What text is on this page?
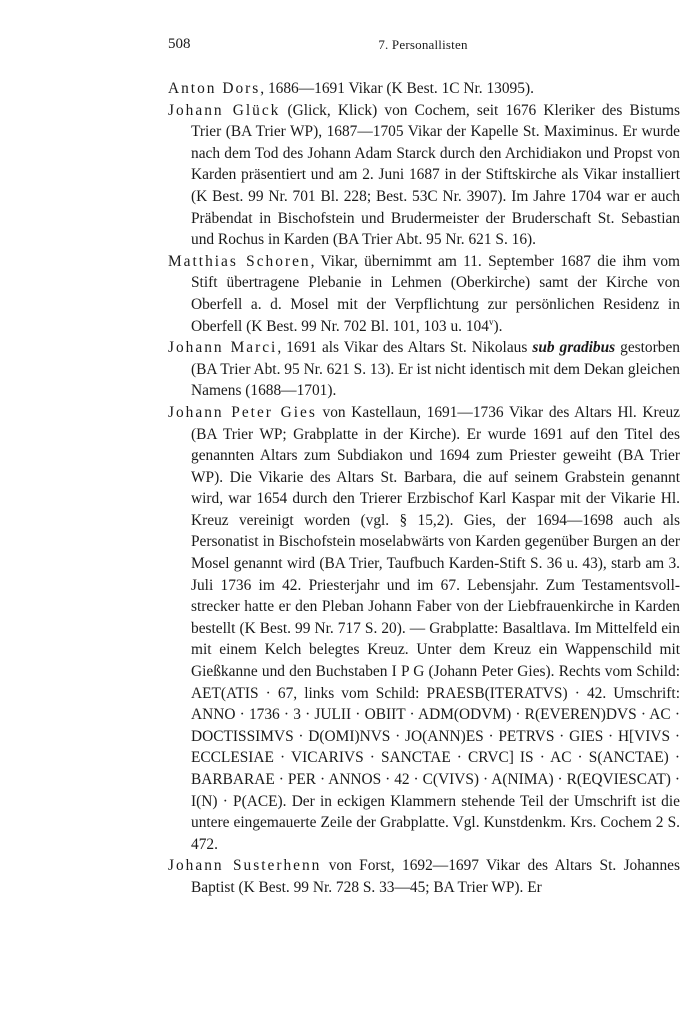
508	7. Personallisten

Anton Dors, 1686—1691 Vikar (K Best. 1C Nr. 13095).

Johann Glück (Glick, Klick) von Cochem, seit 1676 Kleriker des Bistums Trier (BA Trier WP), 1687—1705 Vikar der Kapelle St. Maximinus. Er wurde nach dem Tod des Johann Adam Starck durch den Archidiakon und Propst von Karden präsentiert und am 2. Juni 1687 in der Stiftskirche als Vikar installiert (K Best. 99 Nr. 701 Bl. 228; Best. 53C Nr. 3907). Im Jahre 1704 war er auch Präbendat in Bischofstein und Brudermeister der Bruderschaft St. Sebastian und Rochus in Karden (BA Trier Abt. 95 Nr. 621 S. 16).

Matthias Schoren, Vikar, übernimmt am 11. September 1687 die ihm vom Stift übertragene Plebanie in Lehmen (Oberkirche) samt der Kirche von Oberfell a. d. Mosel mit der Verpflichtung zur persönlichen Residenz in Oberfell (K Best. 99 Nr. 702 Bl. 101, 103 u. 104$^v$).

Johann Marci, 1691 als Vikar des Altars St. Nikolaus sub gradibus gestorben (BA Trier Abt. 95 Nr. 621 S. 13). Er ist nicht identisch mit dem Dekan gleichen Namens (1688—1701).

Johann Peter Gies von Kastellaun, 1691—1736 Vikar des Altars Hl. Kreuz (BA Trier WP; Grabplatte in der Kirche). Er wurde 1691 auf den Titel des genannten Altars zum Subdiakon und 1694 zum Priester geweiht (BA Trier WP). Die Vikarie des Altars St. Barbara, die auf seinem Grabstein genannt wird, war 1654 durch den Trierer Erzbischof Karl Kaspar mit der Vikarie Hl. Kreuz vereinigt worden (vgl. § 15,2). Gies, der 1694—1698 auch als Personatist in Bischofstein moselabwärts von Karden gegenüber Burgen an der Mosel genannt wird (BA Trier, Taufbuch Karden-Stift S. 36 u. 43), starb am 3. Juli 1736 im 42. Priesterjahr und im 67. Lebensjahr. Zum Testamentsvollstrecker hatte er den Pleban Johann Faber von der Liebfrauenkirche in Karden bestellt (K Best. 99 Nr. 717 S. 20). — Grabplatte: Basaltlava. Im Mittelfeld ein mit einem Kelch belegtes Kreuz. Unter dem Kreuz ein Wappenschild mit Gießkanne und den Buchstaben I P G (Johann Peter Gies). Rechts vom Schild: AET(ATIS · 67, links vom Schild: PRAESB(ITERATVS) · 42. Umschrift: ANNO · 1736 · 3 · JULII · OBIIT · ADM(ODVM) · R(EVEREN)DVS · AC · DOCTISSIMVS · D(OMI)NVS · JO(ANN)ES · PETRVS · GIES · H[VIVS · ECCLESIAE · VICARIVS · SANCTAE · CRVC] IS · AC · S(ANCTAE) · BARBARAE · PER · ANNOS · 42 · C(VIVS) · A(NIMA) · R(EQVIESCAT) · I(N) · P(ACE). Der in eckigen Klammern stehende Teil der Umschrift ist die untere eingemauerte Zeile der Grabplatte. Vgl. Kunstdenkm. Krs. Cochem 2 S. 472.

Johann Susterhenn von Forst, 1692—1697 Vikar des Altars St. Johannes Baptist (K Best. 99 Nr. 728 S. 33—45; BA Trier WP). Er
